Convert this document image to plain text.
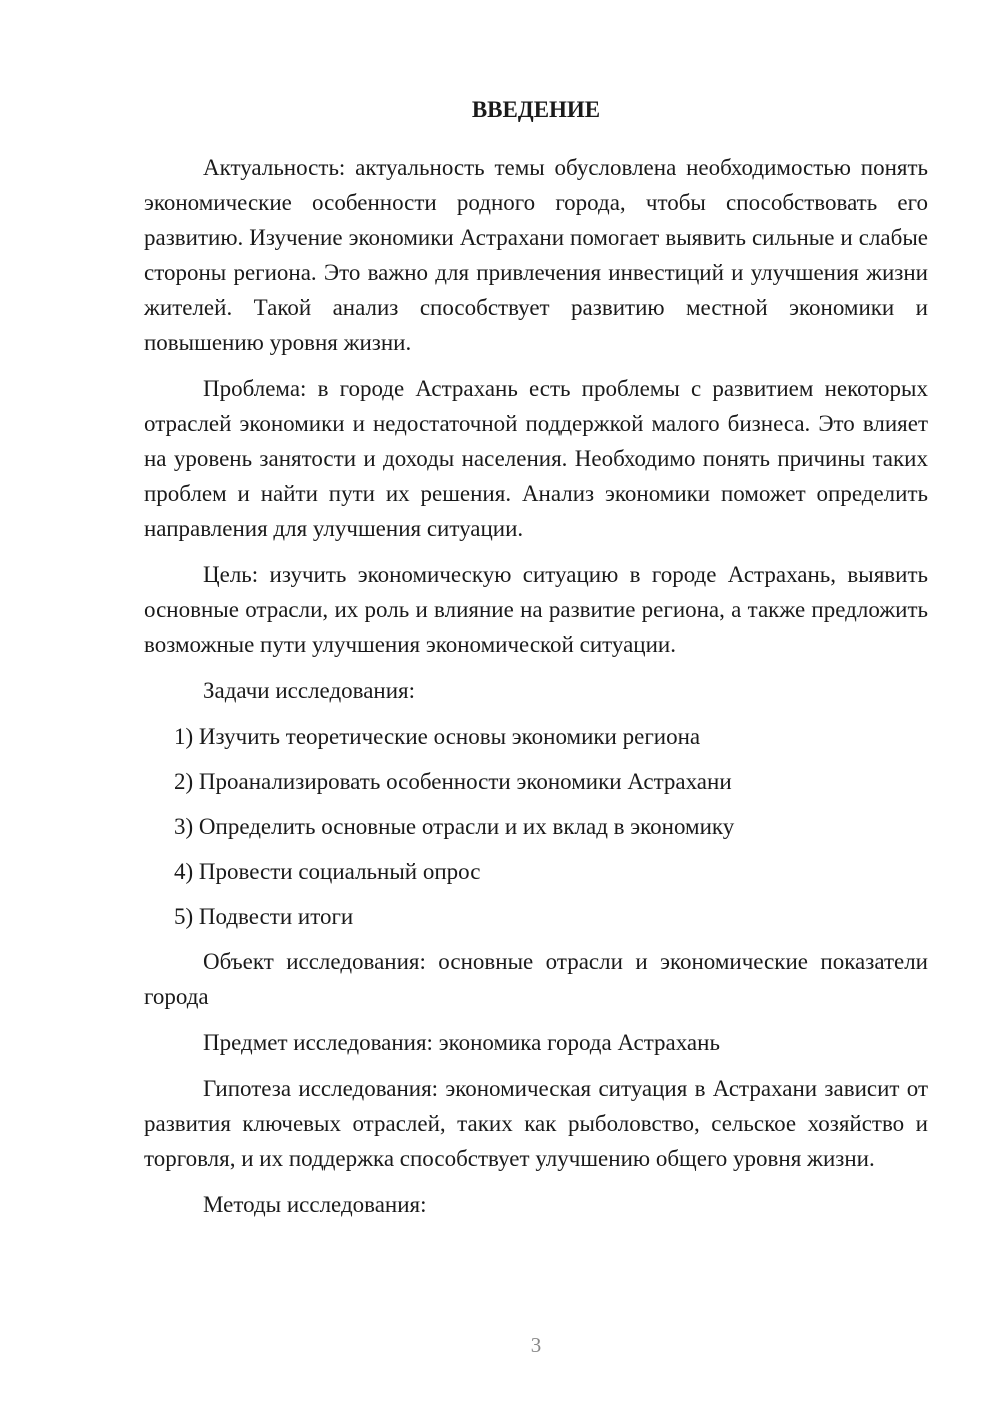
ВВЕДЕНИЕ

Актуальность: актуальность темы обусловлена необходимостью понять экономические особенности родного города, чтобы способствовать его развитию. Изучение экономики Астрахани помогает выявить сильные и слабые стороны региона. Это важно для привлечения инвестиций и улучшения жизни жителей. Такой анализ способствует развитию местной экономики и повышению уровня жизни.

Проблема: в городе Астрахань есть проблемы с развитием некоторых отраслей экономики и недостаточной поддержкой малого бизнеса. Это влияет на уровень занятости и доходы населения. Необходимо понять причины таких проблем и найти пути их решения. Анализ экономики поможет определить направления для улучшения ситуации.

Цель: изучить экономическую ситуацию в городе Астрахань, выявить основные отрасли, их роль и влияние на развитие региона, а также предложить возможные пути улучшения экономической ситуации.

Задачи исследования:

1) Изучить теоретические основы экономики региона

2) Проанализировать особенности экономики Астрахани

3) Определить основные отрасли и их вклад в экономику

4) Провести социальный опрос

5) Подвести итоги

Объект исследования: основные отрасли и экономические показатели города

Предмет исследования: экономика города Астрахань

Гипотеза исследования: экономическая ситуация в Астрахани зависит от развития ключевых отраслей, таких как рыболовство, сельское хозяйство и торговля, и их поддержка способствует улучшению общего уровня жизни.

Методы исследования:

3
